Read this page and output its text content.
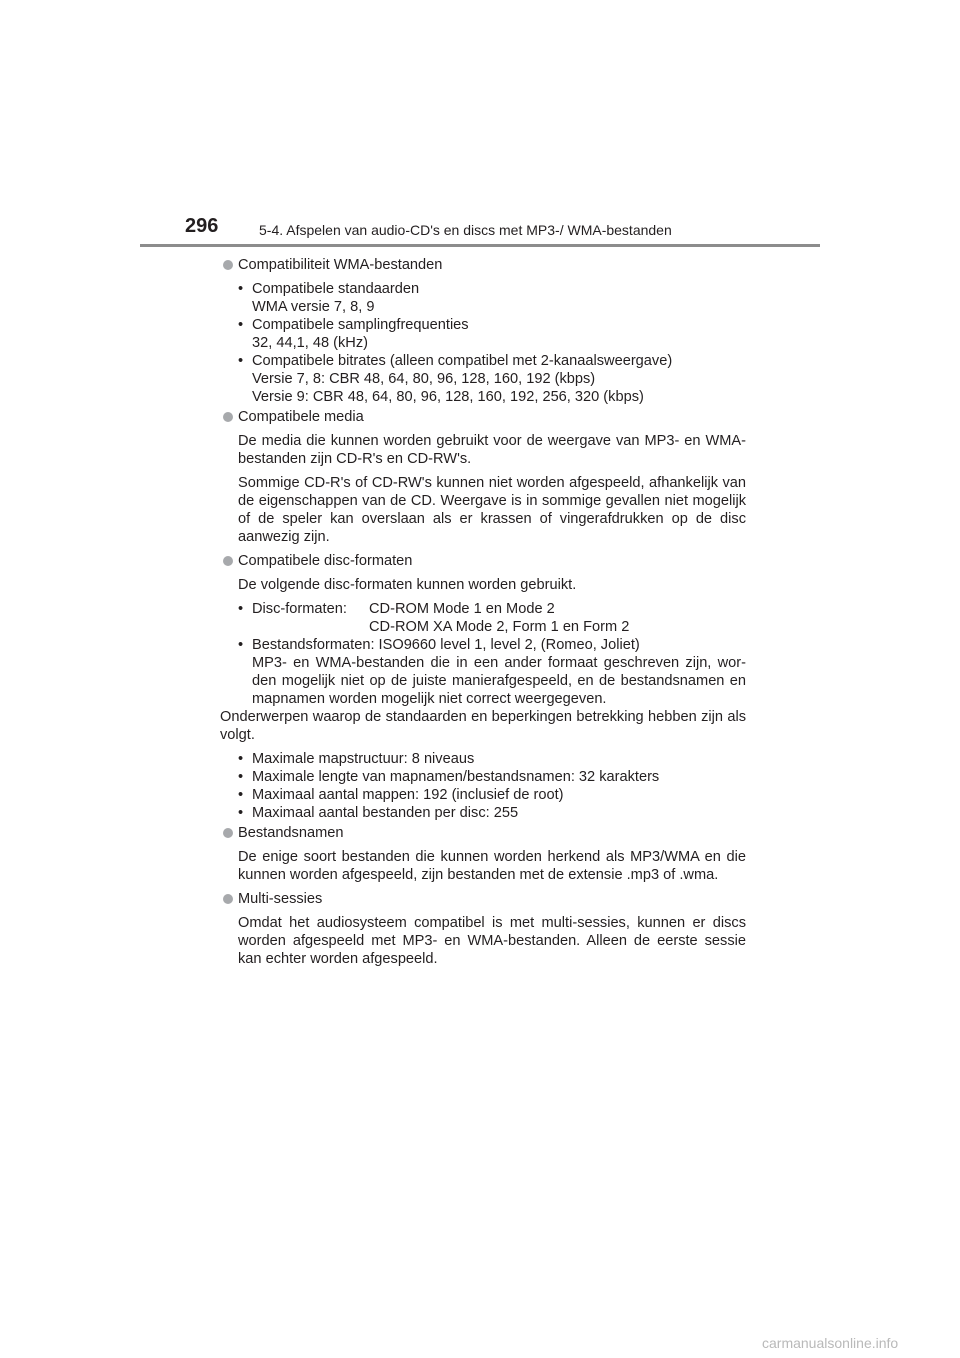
296	5-4. Afspelen van audio-CD's en discs met MP3-/ WMA-bestanden
Compatibiliteit WMA-bestanden
• Compatibele standaarden
WMA versie 7, 8, 9
• Compatibele samplingfrequenties
32, 44,1, 48 (kHz)
• Compatibele bitrates (alleen compatibel met 2-kanaalsweergave)
Versie 7, 8: CBR 48, 64, 80, 96, 128, 160, 192 (kbps)
Versie 9: CBR 48, 64, 80, 96, 128, 160, 192, 256, 320 (kbps)
Compatibele media
De media die kunnen worden gebruikt voor de weergave van MP3- en WMA-bestanden zijn CD-R's en CD-RW's.
Sommige CD-R's of CD-RW's kunnen niet worden afgespeeld, afhankelijk van de eigenschappen van de CD. Weergave is in sommige gevallen niet mogelijk of de speler kan overslaan als er krassen of vingerafdrukken op de disc aanwezig zijn.
Compatibele disc-formaten
De volgende disc-formaten kunnen worden gebruikt.
• Disc-formaten:	CD-ROM Mode 1 en Mode 2
CD-ROM XA Mode 2, Form 1 en Form 2
• Bestandsformaten: ISO9660 level 1, level 2, (Romeo, Joliet)
MP3- en WMA-bestanden die in een ander formaat geschreven zijn, wor-den mogelijk niet op de juiste manierafgespeeld, en de bestandsnamen en mapnamen worden mogelijk niet correct weergegeven.
Onderwerpen waarop de standaarden en beperkingen betrekking hebben zijn als volgt.
• Maximale mapstructuur: 8 niveaus
• Maximale lengte van mapnamen/bestandsnamen: 32 karakters
• Maximaal aantal mappen: 192 (inclusief de root)
• Maximaal aantal bestanden per disc: 255
Bestandsnamen
De enige soort bestanden die kunnen worden herkend als MP3/WMA en die kunnen worden afgespeeld, zijn bestanden met de extensie .mp3 of .wma.
Multi-sessies
Omdat het audiosysteem compatibel is met multi-sessies, kunnen er discs worden afgespeeld met MP3- en WMA-bestanden. Alleen de eerste sessie kan echter worden afgespeeld.
carmanualsonline.info
